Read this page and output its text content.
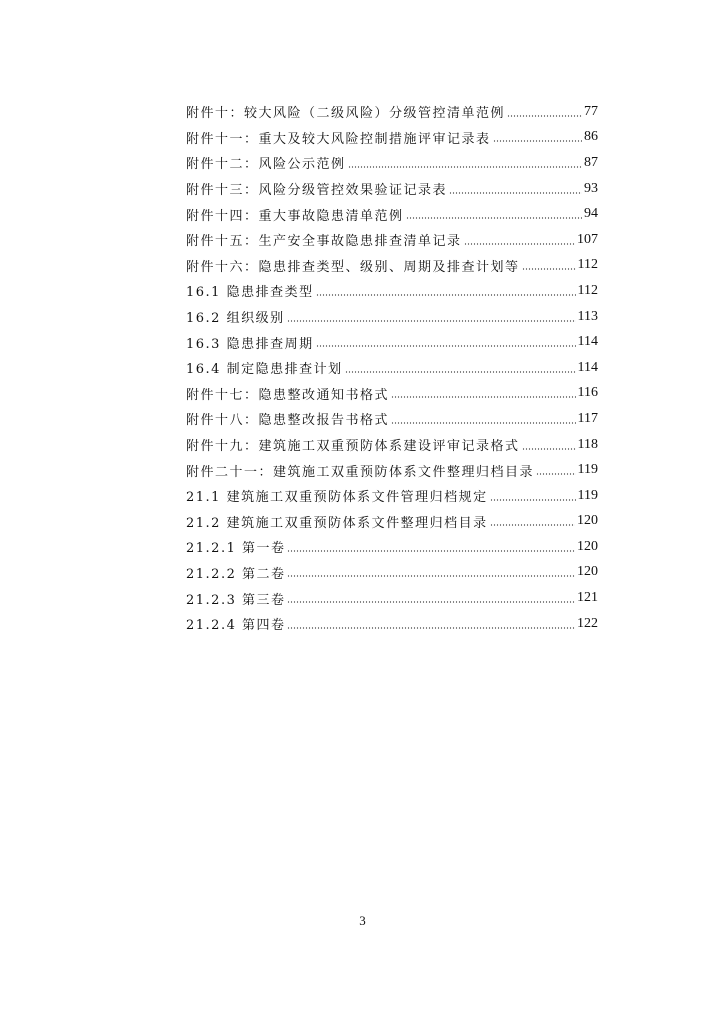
附件十：较大风险（二级风险）分级管控清单范例	77
附件十一：重大及较大风险控制措施评审记录表	86
附件十二：风险公示范例	87
附件十三：风险分级管控效果验证记录表	93
附件十四：重大事故隐患清单范例	94
附件十五：生产安全事故隐患排查清单记录	107
附件十六：隐患排查类型、级别、周期及排查计划等	112
16.1 隐患排查类型	112
16.2 组织级别	113
16.3 隐患排查周期	114
16.4 制定隐患排查计划	114
附件十七：隐患整改通知书格式	116
附件十八：隐患整改报告书格式	117
附件十九：建筑施工双重预防体系建设评审记录格式	118
附件二十一：建筑施工双重预防体系文件整理归档目录	119
21.1 建筑施工双重预防体系文件管理归档规定	119
21.2 建筑施工双重预防体系文件整理归档目录	120
21.2.1 第一卷	120
21.2.2 第二卷	120
21.2.3 第三卷	121
21.2.4 第四卷	122
3
